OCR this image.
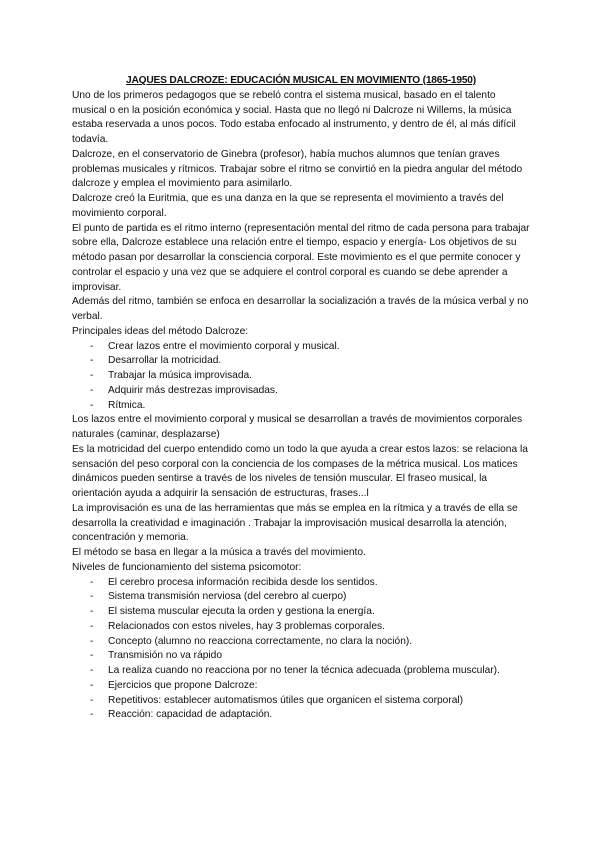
JAQUES DALCROZE: EDUCACIÓN MUSICAL EN MOVIMIENTO (1865-1950)

Uno de los primeros pedagogos que se rebeló contra el sistema musical, basado en el talento musical o en la posición económica y social. Hasta que no llegó ni Dalcroze ni Willems, la música estaba reservada a unos pocos. Todo estaba enfocado al instrumento, y dentro de él, al más difícil todavía.

Dalcroze, en el conservatorio de Ginebra (profesor), había muchos alumnos que tenían graves problemas musicales y rítmicos. Trabajar sobre el ritmo se convirtió en la piedra angular del método dalcroze y emplea el movimiento para asimilarlo.

Dalcroze creó la Euritmia, que es una danza en la que se representa el movimiento a través del movimiento corporal.

El punto de partida es el ritmo interno (representación mental del ritmo de cada persona para trabajar sobre ella, Dalcroze establece una relación entre el tiempo, espacio y energía- Los objetivos de su método pasan por desarrollar la consciencia corporal. Este movimiento es el que permite conocer y controlar el espacio y una vez que se adquiere el control corporal es cuando se debe aprender a improvisar.

Además del ritmo, también se enfoca en desarrollar la socialización a través de la música verbal y no verbal.

Principales ideas del método Dalcroze:

- Crear lazos entre el movimiento corporal y musical.
- Desarrollar la motricidad.
- Trabajar la música improvisada.
- Adquirir más destrezas improvisadas.
- Rítmica.

Los lazos entre el movimiento corporal y musical se desarrollan a través de movimientos corporales naturales (caminar, desplazarse)

Es la motricidad del cuerpo entendido como un todo la que ayuda a crear estos lazos: se relaciona la sensación del peso corporal con la conciencia de los compases de la métrica musical. Los matices dinámicos pueden sentirse a través de los niveles de tensión muscular. El fraseo musical, la orientación ayuda a adquirir la sensación de estructuras, frases...l

La improvisación es una de las herramientas que más se emplea en la rítmica y a través de ella se desarrolla la creatividad e imaginación . Trabajar la improvisación musical desarrolla la atención, concentración y memoria.

El método se basa en llegar a la música a través del movimiento.

Niveles de funcionamiento del sistema psicomotor:

- El cerebro procesa información recibida desde los sentidos.
- Sistema transmisión nerviosa (del cerebro al cuerpo)
- El sistema muscular ejecuta la orden y gestiona la energía.
- Relacionados con estos niveles, hay 3 problemas corporales.
- Concepto (alumno no reacciona correctamente, no clara la noción).
- Transmisión no va rápido
- La realiza cuando no reacciona por no tener la técnica adecuada (problema muscular).
- Ejercicios que propone Dalcroze:
- Repetitivos: establecer automatismos útiles que organicen el sistema corporal)
- Reacción: capacidad de adaptación.
